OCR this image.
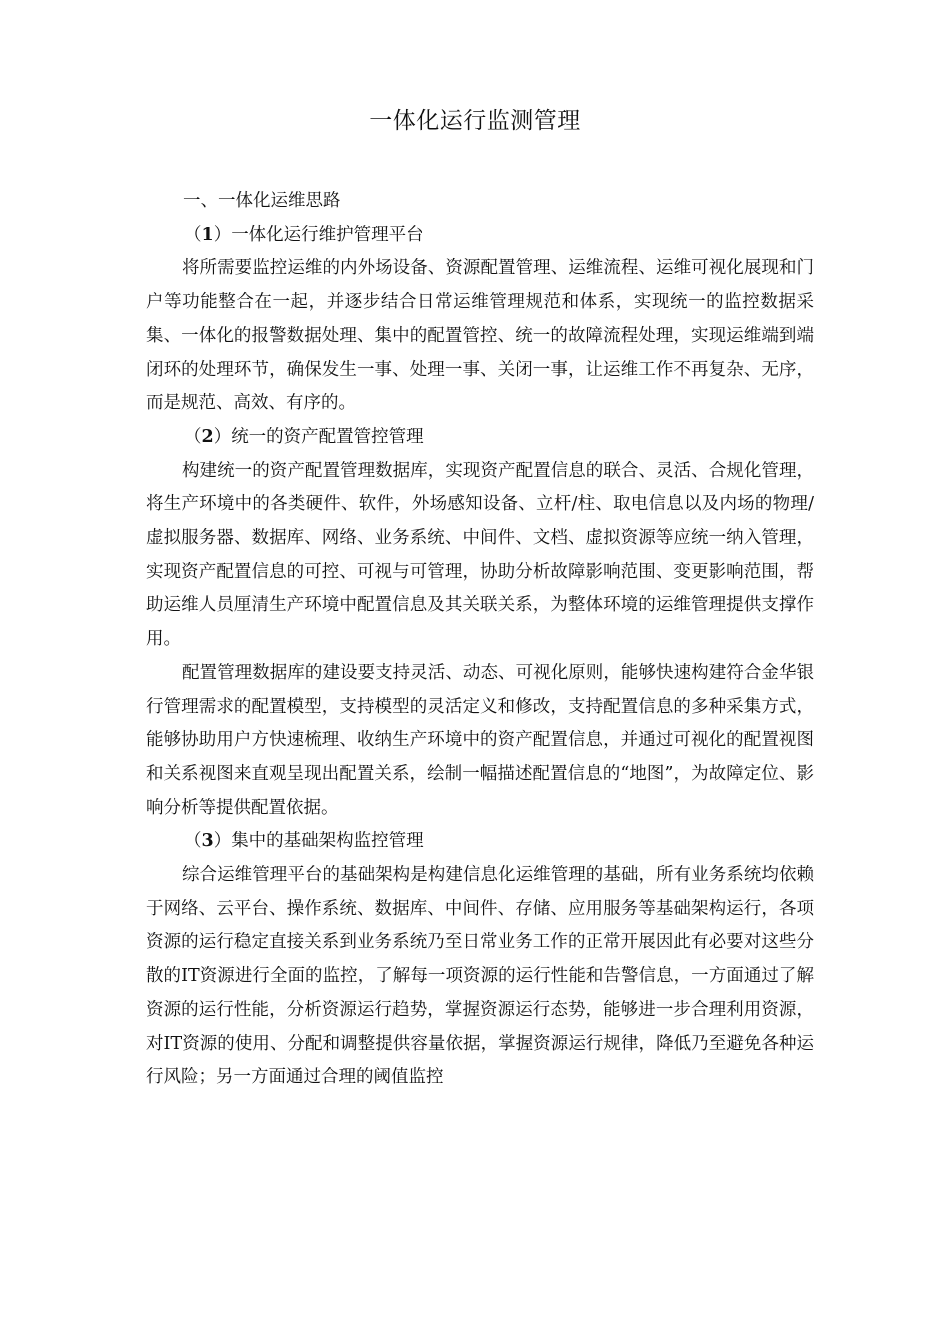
一体化运行监测管理

一、一体化运维思路

（1）一体化运行维护管理平台

将所需要监控运维的内外场设备、资源配置管理、运维流程、运维可视化展现和门户等功能整合在一起，并逐步结合日常运维管理规范和体系，实现统一的监控数据采集、一体化的报警数据处理、集中的配置管控、统一的故障流程处理，实现运维端到端闭环的处理环节，确保发生一事、处理一事、关闭一事，让运维工作不再复杂、无序，而是规范、高效、有序的。

（2）统一的资产配置管控管理

构建统一的资产配置管理数据库，实现资产配置信息的联合、灵活、合规化管理，将生产环境中的各类硬件、软件，外场感知设备、立杆/柱、取电信息以及内场的物理/虚拟服务器、数据库、网络、业务系统、中间件、文档、虚拟资源等应统一纳入管理，实现资产配置信息的可控、可视与可管理，协助分析故障影响范围、变更影响范围，帮助运维人员厘清生产环境中配置信息及其关联关系，为整体环境的运维管理提供支撑作用。

配置管理数据库的建设要支持灵活、动态、可视化原则，能够快速构建符合金华银行管理需求的配置模型，支持模型的灵活定义和修改，支持配置信息的多种采集方式，能够协助用户方快速梳理、收纳生产环境中的资产配置信息，并通过可视化的配置视图和关系视图来直观呈现出配置关系，绘制一幅描述配置信息的“地图”，为故障定位、影响分析等提供配置依据。

（3）集中的基础架构监控管理

综合运维管理平台的基础架构是构建信息化运维管理的基础，所有业务系统均依赖于网络、云平台、操作系统、数据库、中间件、存储、应用服务等基础架构运行，各项资源的运行稳定直接关系到业务系统乃至日常业务工作的正常开展因此有必要对这些分散的IT资源进行全面的监控，了解每一项资源的运行性能和告警信息，一方面通过了解资源的运行性能，分析资源运行趋势，掌握资源运行态势，能够进一步合理利用资源，对IT资源的使用、分配和调整提供容量依据，掌握资源运行规律，降低乃至避免各种运行风险；另一方面通过合理的阈值监控
